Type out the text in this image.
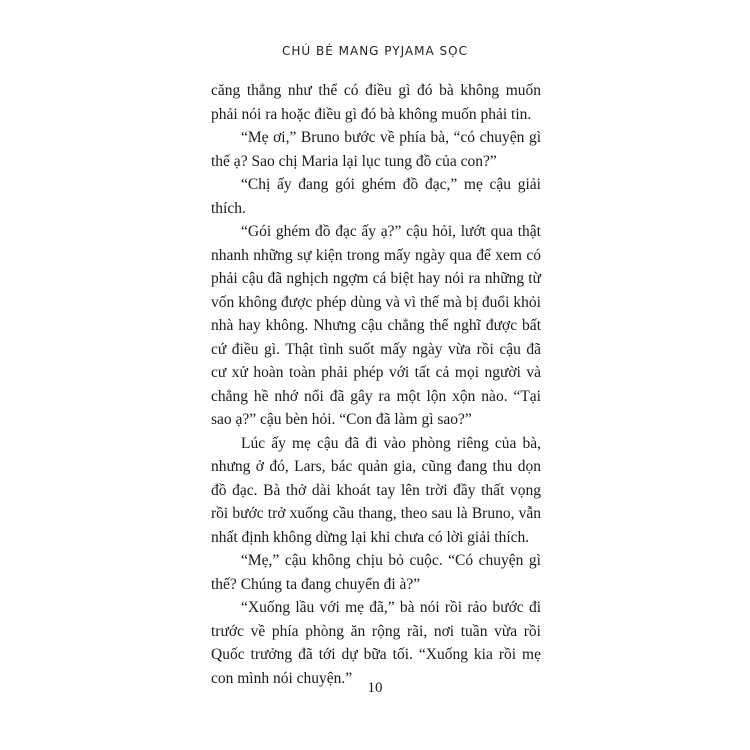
CHÚ BÉ MANG PYJAMA SỌC

căng thẳng như thể có điều gì đó bà không muốn phải nói ra hoặc điều gì đó bà không muốn phải tin.

“Mẹ ơi,” Bruno bước về phía bà, “có chuyện gì thế ạ? Sao chị Maria lại lục tung đồ của con?”

“Chị ấy đang gói ghém đồ đạc,” mẹ cậu giải thích.

“Gói ghém đồ đạc ấy ạ?” cậu hỏi, lướt qua thật nhanh những sự kiện trong mấy ngày qua để xem có phải cậu đã nghịch ngợm cá biệt hay nói ra những từ vốn không được phép dùng và vì thế mà bị đuổi khỏi nhà hay không. Nhưng cậu chẳng thể nghĩ được bất cứ điều gì. Thật tình suốt mấy ngày vừa rồi cậu đã cư xử hoàn toàn phải phép với tất cả mọi người và chẳng hề nhớ nổi đã gây ra một lộn xộn nào. “Tại sao ạ?” cậu bèn hỏi. “Con đã làm gì sao?”

Lúc ấy mẹ cậu đã đi vào phòng riêng của bà, nhưng ở đó, Lars, bác quản gia, cũng đang thu dọn đồ đạc. Bà thở dài khoát tay lên trời đầy thất vọng rồi bước trở xuống cầu thang, theo sau là Bruno, vẫn nhất định không dừng lại khi chưa có lời giải thích.

“Mẹ,” cậu không chịu bỏ cuộc. “Có chuyện gì thế? Chúng ta đang chuyển đi à?”

“Xuống lầu với mẹ đã,” bà nói rồi rảo bước đi trước về phía phòng ăn rộng rãi, nơi tuần vừa rồi Quốc trưởng đã tới dự bữa tối. “Xuống kia rồi mẹ con mình nói chuyện.”

10
